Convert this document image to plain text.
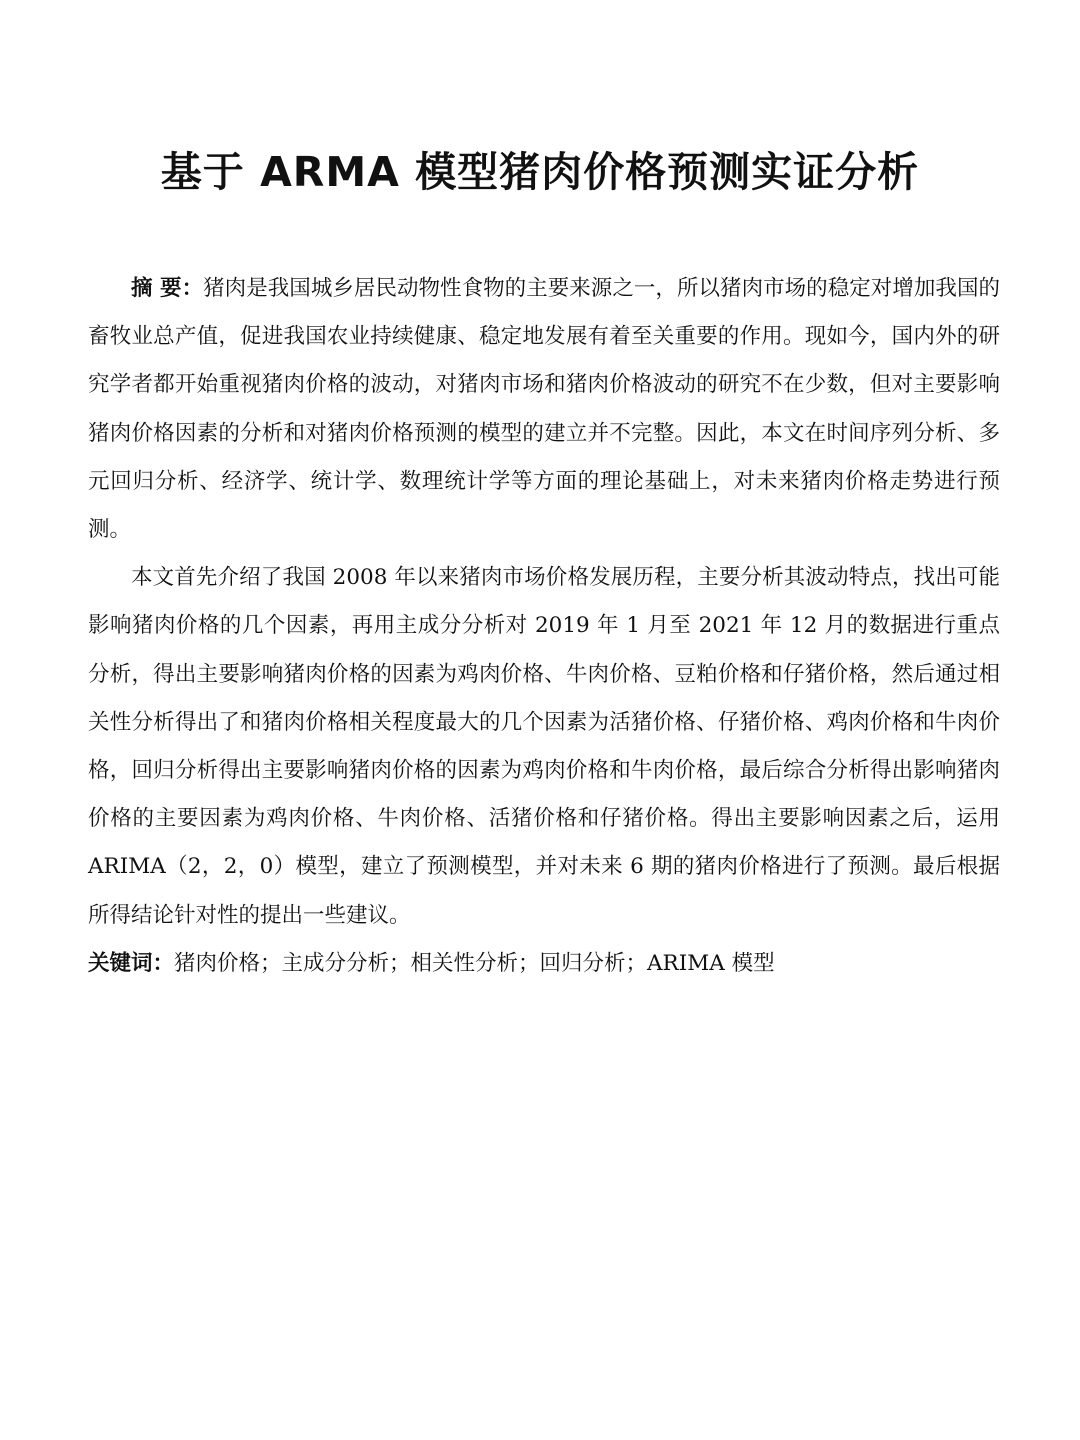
基于 ARMA 模型猪肉价格预测实证分析

摘 要：猪肉是我国城乡居民动物性食物的主要来源之一，所以猪肉市场的稳定对增加我国的畜牧业总产值，促进我国农业持续健康、稳定地发展有着至关重要的作用。现如今，国内外的研究学者都开始重视猪肉价格的波动，对猪肉市场和猪肉价格波动的研究不在少数，但对主要影响猪肉价格因素的分析和对猪肉价格预测的模型的建立并不完整。因此，本文在时间序列分析、多元回归分析、经济学、统计学、数理统计学等方面的理论基础上，对未来猪肉价格走势进行预测。

本文首先介绍了我国 2008 年以来猪肉市场价格发展历程，主要分析其波动特点，找出可能影响猪肉价格的几个因素，再用主成分分析对 2019 年 1 月至 2021 年 12 月的数据进行重点分析，得出主要影响猪肉价格的因素为鸡肉价格、牛肉价格、豆粕价格和仔猪价格，然后通过相关性分析得出了和猪肉价格相关程度最大的几个因素为活猪价格、仔猪价格、鸡肉价格和牛肉价格，回归分析得出主要影响猪肉价格的因素为鸡肉价格和牛肉价格，最后综合分析得出影响猪肉价格的主要因素为鸡肉价格、牛肉价格、活猪价格和仔猪价格。得出主要影响因素之后，运用 ARIMA（2，2，0）模型，建立了预测模型，并对未来 6 期的猪肉价格进行了预测。最后根据所得结论针对性的提出一些建议。

关键词：猪肉价格；主成分分析；相关性分析；回归分析；ARIMA 模型
